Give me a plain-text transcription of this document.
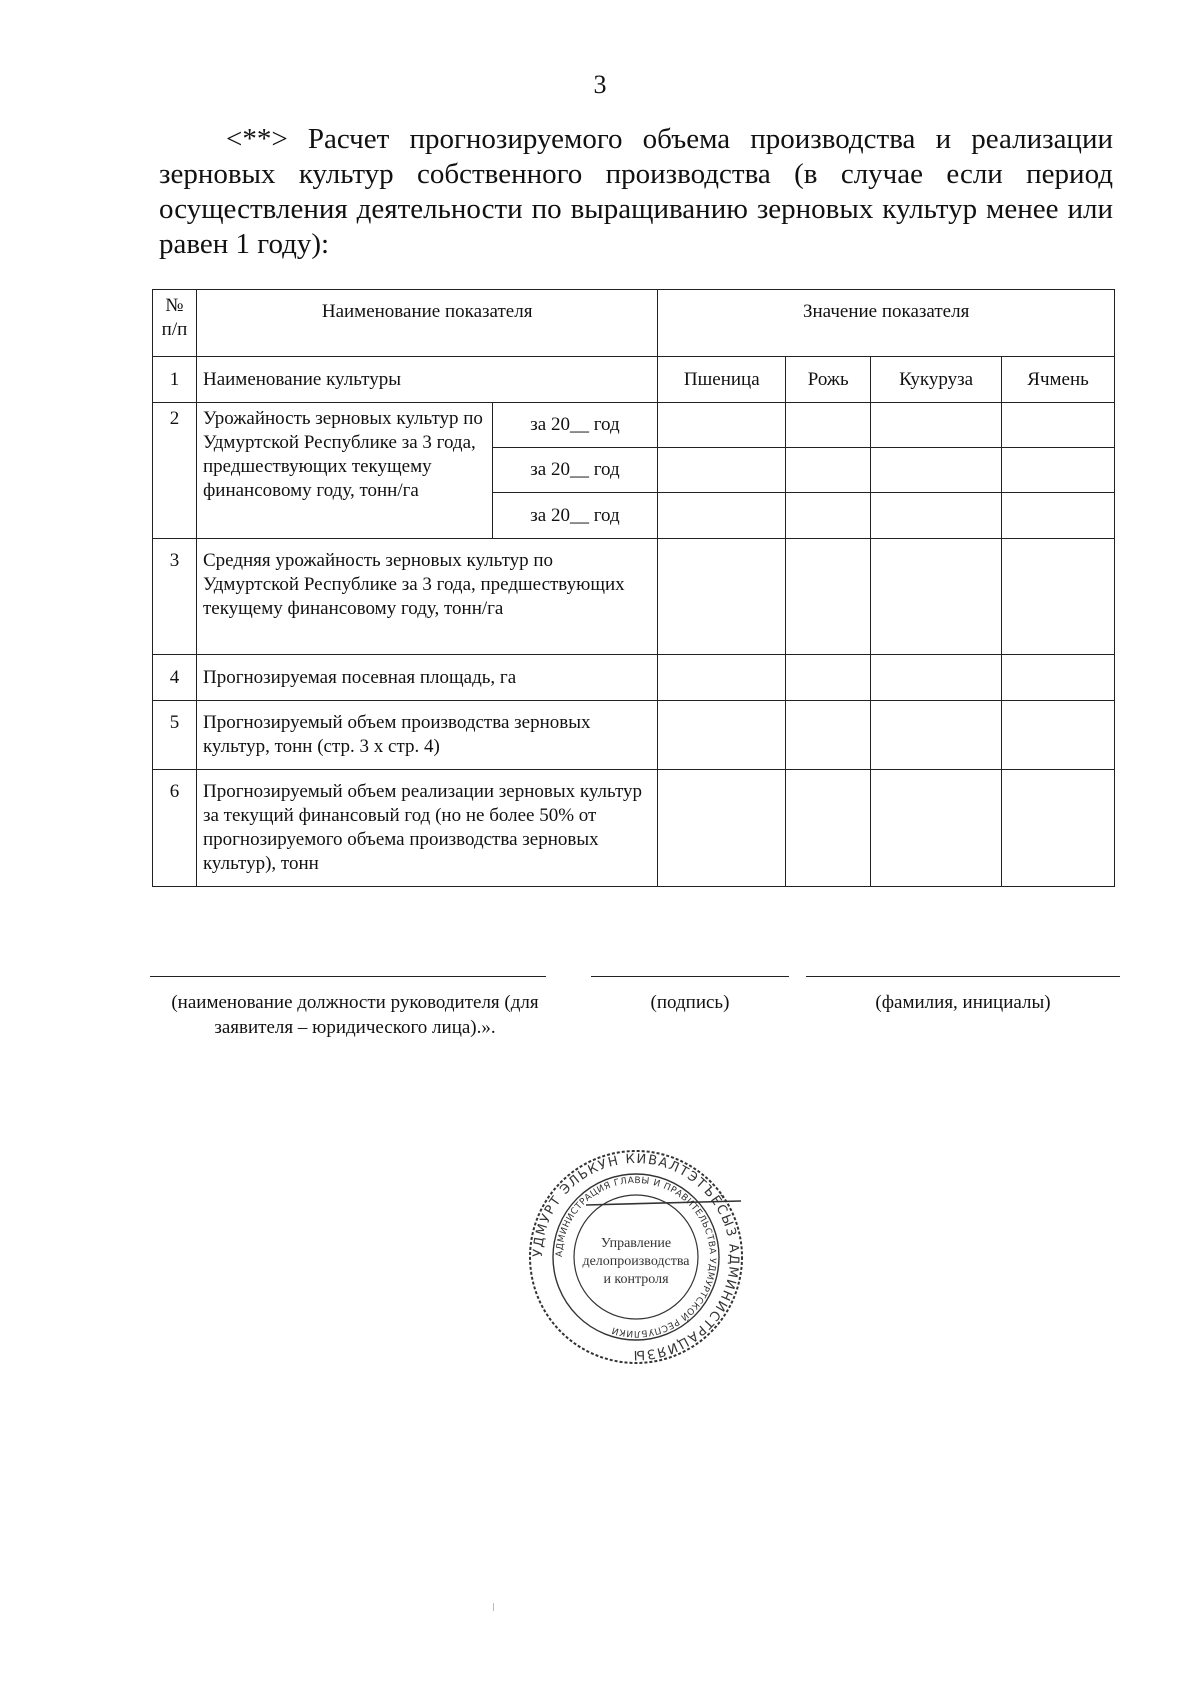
3
<**> Расчет прогнозируемого объема производства и реализации зерновых культур собственного производства (в случае если период осуществления деятельности по выращиванию зерновых культур менее или равен 1 году):
№ п/п	Наименование показателя		Значение показателя			
1	Наименование культуры		Пшеница	Рожь	Кукуруза	Ячмень
2	Урожайность зерновых культур по Удмуртской Республике за 3 года, предшествующих текущему финансовому году, тонн/га	за 20__ год				
		за 20__ год				
		за 20__ год				
3	Средняя урожайность зерновых культур по Удмуртской Республике за 3 года, предшествующих текущему финансовому году, тонн/га					
4	Прогнозируемая посевная площадь, га					
5	Прогнозируемый объем производства зерновых культур, тонн (стр. 3 х стр. 4)					
6	Прогнозируемый объем реализации зерновых культур за текущий финансовый год (но не более 50% от прогнозируемого объема производства зерновых культур), тонн					
(наименование должности руководителя (для заявителя – юридического лица).».
(подпись)	(фамилия, инициалы)
УДМУРТ ЭЛЬКУН КИВАЛТЭТЪЁСЫЗ АДМИНИСТРАЦИЯЗЫ
АДМИНИСТРАЦИЯ ГЛАВЫ И ПРАВИТЕЛЬСТВА УДМУРТСКОЙ РЕСПУБЛИКИ
Управление
делопроизводства
и контроля
